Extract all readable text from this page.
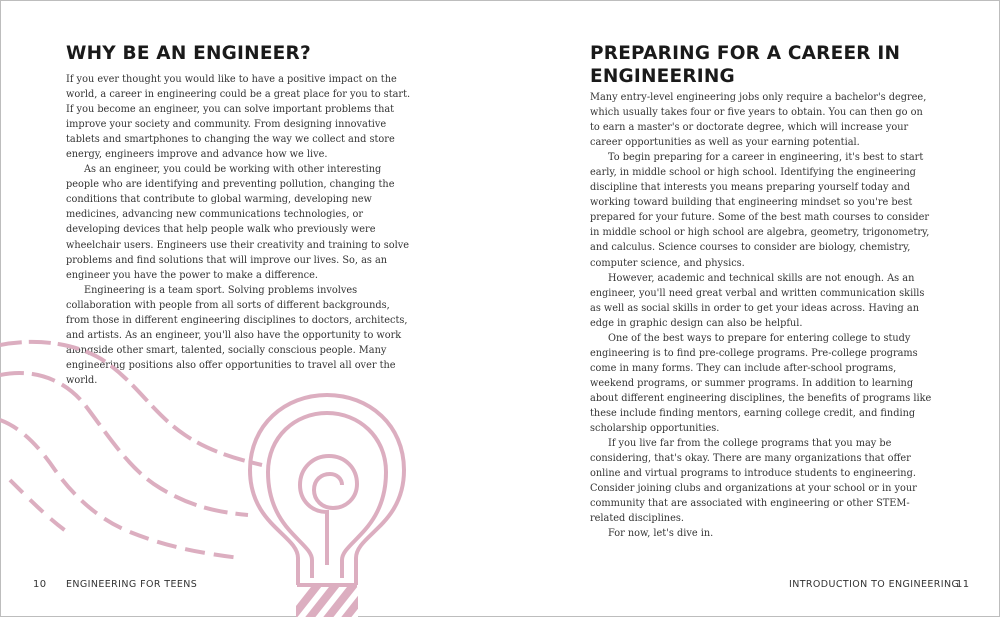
WHY BE AN ENGINEER?

If you ever thought you would like to have a positive impact on the world, a career in engineering could be a great place for you to start. If you become an engineer, you can solve important problems that improve your society and community. From designing innovative tablets and smartphones to changing the way we collect and store energy, engineers improve and advance how we live.

As an engineer, you could be working with other interesting people who are identifying and preventing pollution, changing the conditions that contribute to global warming, developing new medicines, advancing new communications technologies, or developing devices that help people walk who previously were wheelchair users. Engineers use their creativity and training to solve problems and find solutions that will improve our lives. So, as an engineer you have the power to make a difference.

Engineering is a team sport. Solving problems involves collaboration with people from all sorts of different backgrounds, from those in different engineering disciplines to doctors, architects, and artists. As an engineer, you'll also have the opportunity to work alongside other smart, talented, socially conscious people. Many engineering positions also offer opportunities to travel all over the world.

10 ENGINEERING FOR TEENS
PREPARING FOR A CAREER IN ENGINEERING

Many entry-level engineering jobs only require a bachelor's degree, which usually takes four or five years to obtain. You can then go on to earn a master's or doctorate degree, which will increase your career opportunities as well as your earning potential.

To begin preparing for a career in engineering, it's best to start early, in middle school or high school. Identifying the engineering discipline that interests you means preparing yourself today and working toward building that engineering mindset so you're best prepared for your future. Some of the best math courses to consider in middle school or high school are algebra, geometry, trigonometry, and calculus. Science courses to consider are biology, chemistry, computer science, and physics.

However, academic and technical skills are not enough. As an engineer, you'll need great verbal and written communication skills as well as social skills in order to get your ideas across. Having an edge in graphic design can also be helpful.

One of the best ways to prepare for entering college to study engineering is to find pre-college programs. Pre-college programs come in many forms. They can include after-school programs, weekend programs, or summer programs. In addition to learning about different engineering disciplines, the benefits of programs like these include finding mentors, earning college credit, and finding scholarship opportunities.

If you live far from the college programs that you may be considering, that's okay. There are many organizations that offer online and virtual programs to introduce students to engineering. Consider joining clubs and organizations at your school or in your community that are associated with engineering or other STEM-related disciplines.

For now, let's dive in.

INTRODUCTION TO ENGINEERING
11
